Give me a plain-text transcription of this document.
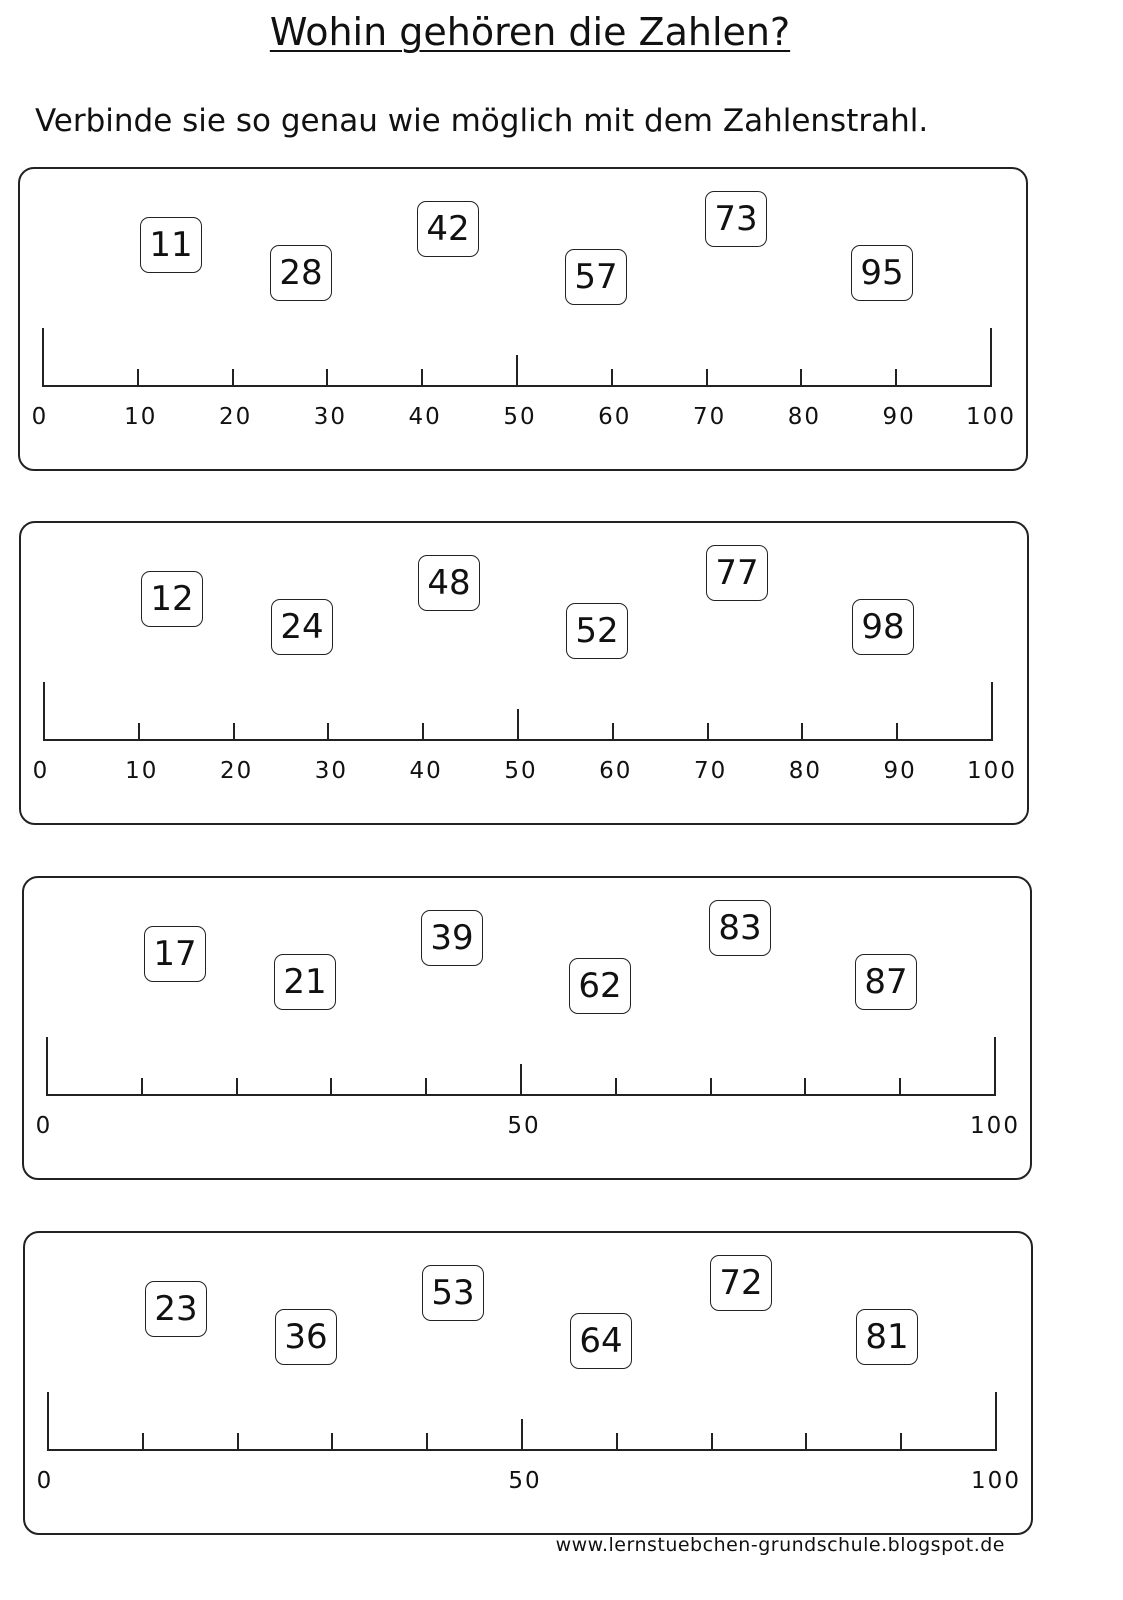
Wohin gehören die Zahlen?
Verbinde sie so genau wie möglich mit dem Zahlenstrahl.
11
28
42
57
73
95
0	10	20	30	40	50	60	70	80	90	100
12
24
48
52
77
98
0	10	20	30	40	50	60	70	80	90	100
17
21
39
62
83
87
0	50	100
23
36
53
64
72
81
0	50	100
www.lernstuebchen-grundschule.blogspot.de
